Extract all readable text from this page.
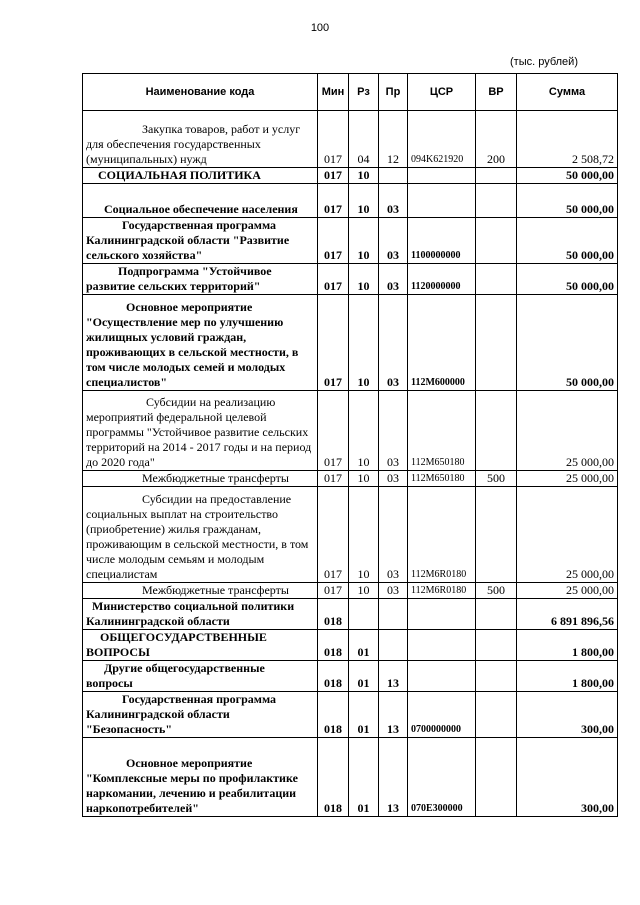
100
(тыс. рублей)
Наименование кода	Мин	Рз	Пр	ЦСР	ВР	Сумма

Закупка товаров, работ и услуг для обеспечения государственных (муниципальных) нужд	017	04	12	094K621920	200	2 508,72

СОЦИАЛЬНАЯ ПОЛИТИКА	017	10				50 000,00

Социальное обеспечение населения	017	10	03			50 000,00

Государственная программа Калининградской области "Развитие сельского хозяйства"	017	10	03	1100000000		50 000,00

Подпрограмма "Устойчивое развитие сельских территорий"	017	10	03	1120000000		50 000,00

Основное мероприятие "Осуществление мер по улучшению жилищных условий граждан, проживающих в сельской местности, в том числе молодых семей и молодых специалистов"	017	10	03	112M600000		50 000,00

Субсидии на реализацию мероприятий федеральной целевой программы "Устойчивое развитие сельских территорий на 2014 - 2017 годы и на период до 2020 года"	017	10	03	112M650180		25 000,00

Межбюджетные трансферты	017	10	03	112M650180	500	25 000,00

Субсидии на предоставление социальных выплат на строительство (приобретение) жилья гражданам, проживающим в сельской местности, в том числе молодым семьям и молодым специалистам	017	10	03	112M6R0180		25 000,00

Межбюджетные трансферты	017	10	03	112M6R0180	500	25 000,00

Министерство социальной политики Калининградской области	018					6 891 896,56

ОБЩЕГОСУДАРСТВЕННЫЕ ВОПРОСЫ	018	01				1 800,00

Другие общегосударственные вопросы	018	01	13			1 800,00

Государственная программа Калининградской области "Безопасность"	018	01	13	0700000000		300,00

Основное мероприятие "Комплексные меры по профилактике наркомании, лечению и реабилитации наркопотребителей"	018	01	13	070E300000		300,00
